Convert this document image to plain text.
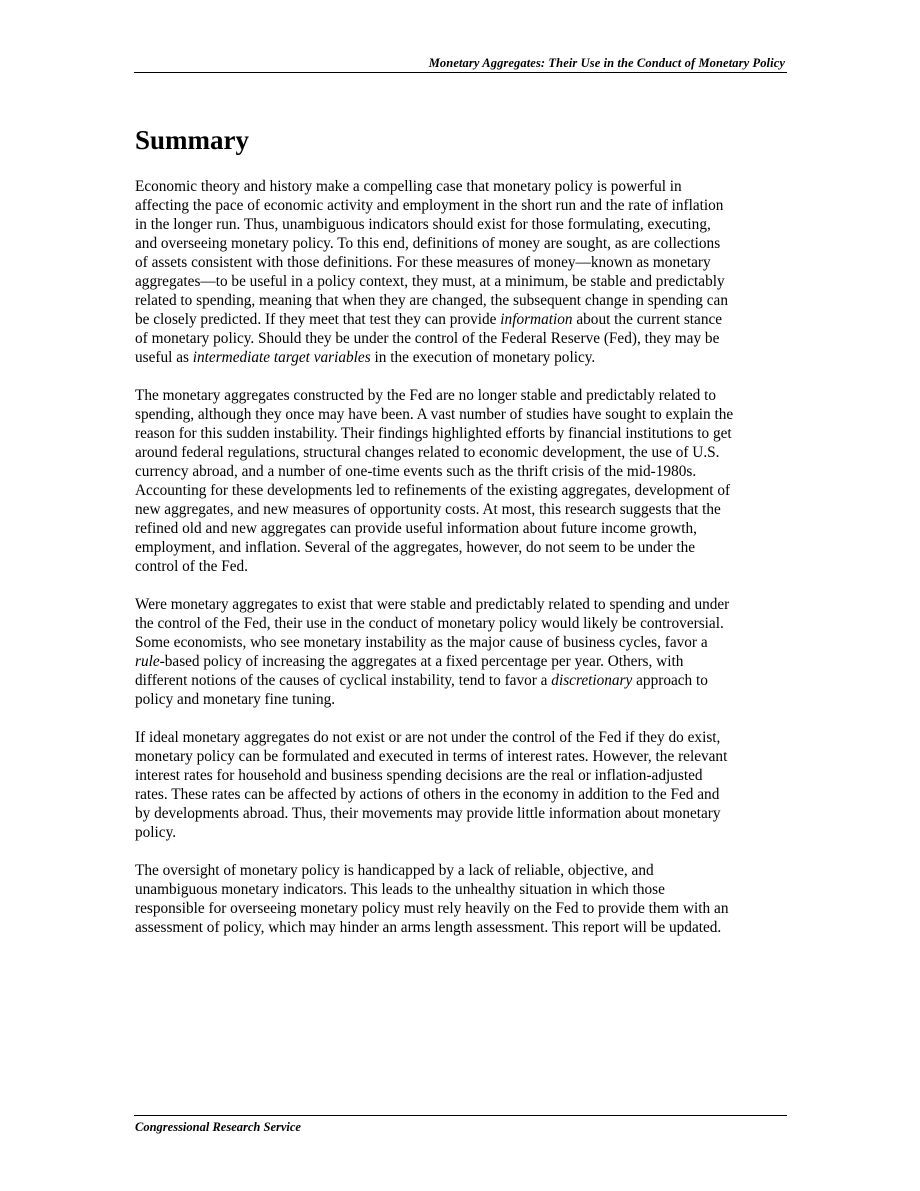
Monetary Aggregates: Their Use in the Conduct of Monetary Policy
Summary

Economic theory and history make a compelling case that monetary policy is powerful in
affecting the pace of economic activity and employment in the short run and the rate of inflation
in the longer run. Thus, unambiguous indicators should exist for those formulating, executing,
and overseeing monetary policy. To this end, definitions of money are sought, as are collections
of assets consistent with those definitions. For these measures of money—known as monetary
aggregates—to be useful in a policy context, they must, at a minimum, be stable and predictably
related to spending, meaning that when they are changed, the subsequent change in spending can
be closely predicted. If they meet that test they can provide information about the current stance
of monetary policy. Should they be under the control of the Federal Reserve (Fed), they may be
useful as intermediate target variables in the execution of monetary policy.

The monetary aggregates constructed by the Fed are no longer stable and predictably related to
spending, although they once may have been. A vast number of studies have sought to explain the
reason for this sudden instability. Their findings highlighted efforts by financial institutions to get
around federal regulations, structural changes related to economic development, the use of U.S.
currency abroad, and a number of one-time events such as the thrift crisis of the mid-1980s.
Accounting for these developments led to refinements of the existing aggregates, development of
new aggregates, and new measures of opportunity costs. At most, this research suggests that the
refined old and new aggregates can provide useful information about future income growth,
employment, and inflation. Several of the aggregates, however, do not seem to be under the
control of the Fed.

Were monetary aggregates to exist that were stable and predictably related to spending and under
the control of the Fed, their use in the conduct of monetary policy would likely be controversial.
Some economists, who see monetary instability as the major cause of business cycles, favor a
rule-based policy of increasing the aggregates at a fixed percentage per year. Others, with
different notions of the causes of cyclical instability, tend to favor a discretionary approach to
policy and monetary fine tuning.

If ideal monetary aggregates do not exist or are not under the control of the Fed if they do exist,
monetary policy can be formulated and executed in terms of interest rates. However, the relevant
interest rates for household and business spending decisions are the real or inflation-adjusted
rates. These rates can be affected by actions of others in the economy in addition to the Fed and
by developments abroad. Thus, their movements may provide little information about monetary
policy.

The oversight of monetary policy is handicapped by a lack of reliable, objective, and
unambiguous monetary indicators. This leads to the unhealthy situation in which those
responsible for overseeing monetary policy must rely heavily on the Fed to provide them with an
assessment of policy, which may hinder an arms length assessment. This report will be updated.

Congressional Research Service
